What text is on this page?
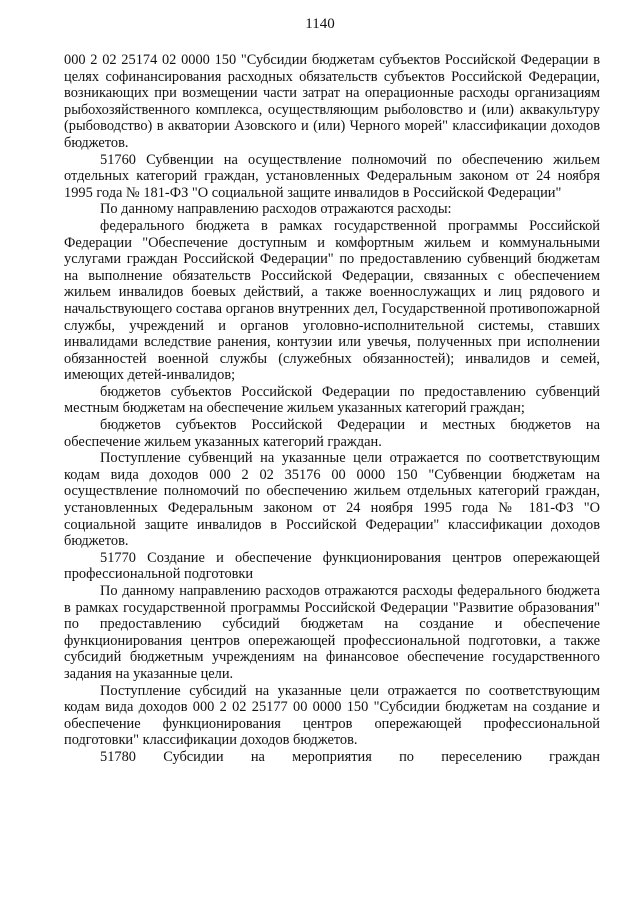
1140

000 2 02 25174 02 0000 150 "Субсидии бюджетам субъектов Российской Федерации в целях софинансирования расходных обязательств субъектов Российской Федерации, возникающих при возмещении части затрат на операционные расходы организациям рыбохозяйственного комплекса, осуществляющим рыболовство и (или) аквакультуру (рыбоводство) в акватории Азовского и (или) Черного морей" классификации доходов бюджетов.

51760 Субвенции на осуществление полномочий по обеспечению жильем отдельных категорий граждан, установленных Федеральным законом от 24 ноября 1995 года № 181-ФЗ "О социальной защите инвалидов в Российской Федерации"

По данному направлению расходов отражаются расходы:

федерального бюджета в рамках государственной программы Российской Федерации "Обеспечение доступным и комфортным жильем и коммунальными услугами граждан Российской Федерации" по предоставлению субвенций бюджетам на выполнение обязательств Российской Федерации, связанных с обеспечением жильем инвалидов боевых действий, а также военнослужащих и лиц рядового и начальствующего состава органов внутренних дел, Государственной противопожарной службы, учреждений и органов уголовно-исполнительной системы, ставших инвалидами вследствие ранения, контузии или увечья, полученных при исполнении обязанностей военной службы (служебных обязанностей); инвалидов и семей, имеющих детей-инвалидов;

бюджетов субъектов Российской Федерации по предоставлению субвенций местным бюджетам на обеспечение жильем указанных категорий граждан;

бюджетов субъектов Российской Федерации и местных бюджетов на обеспечение жильем указанных категорий граждан.

Поступление субвенций на указанные цели отражается по соответствующим кодам вида доходов 000 2 02 35176 00 0000 150 "Субвенции бюджетам на осуществление полномочий по обеспечению жильем отдельных категорий граждан, установленных Федеральным законом от 24 ноября 1995 года № 181-ФЗ "О социальной защите инвалидов в Российской Федерации" классификации доходов бюджетов.

51770 Создание и обеспечение функционирования центров опережающей профессиональной подготовки

По данному направлению расходов отражаются расходы федерального бюджета в рамках государственной программы Российской Федерации "Развитие образования" по предоставлению субсидий бюджетам на создание и обеспечение функционирования центров опережающей профессиональной подготовки, а также субсидий бюджетным учреждениям на финансовое обеспечение государственного задания на указанные цели.

Поступление субсидий на указанные цели отражается по соответствующим кодам вида доходов 000 2 02 25177 00 0000 150 "Субсидии бюджетам на создание и обеспечение функционирования центров опережающей профессиональной подготовки" классификации доходов бюджетов.

51780 Субсидии на мероприятия по переселению граждан
